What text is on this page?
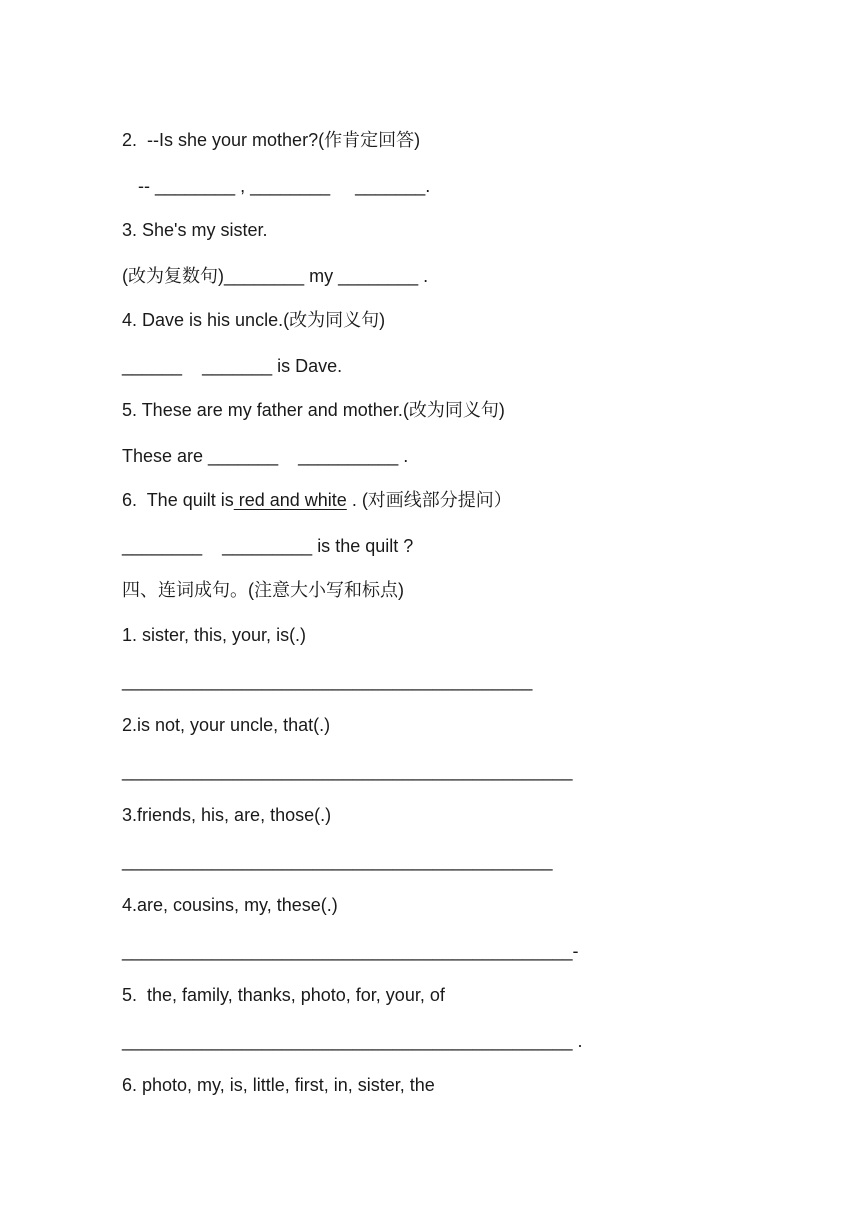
2.  --Is she your mother?(作肯定回答)

-- ________ , ________     _______.

3. She's my sister.

(改为复数句)________ my ________ .

4. Dave is his uncle.(改为同义句)

______    _______ is Dave.

5. These are my father and mother.(改为同义句)

These are _______    __________ .

6.  The quilt is red and white . (对画线部分提问）

________    _________ is the quilt ?

四、连词成句。(注意大小写和标点)

1. sister, this, your, is(.)

_________________________________________

2.is not, your uncle, that(.)

_____________________________________________

3.friends, his, are, those(.)

___________________________________________

4.are, cousins, my, these(.)

_____________________________________________-

5.  the, family, thanks, photo, for, your, of

_____________________________________________ .

6. photo, my, is, little, first, in, sister, the
